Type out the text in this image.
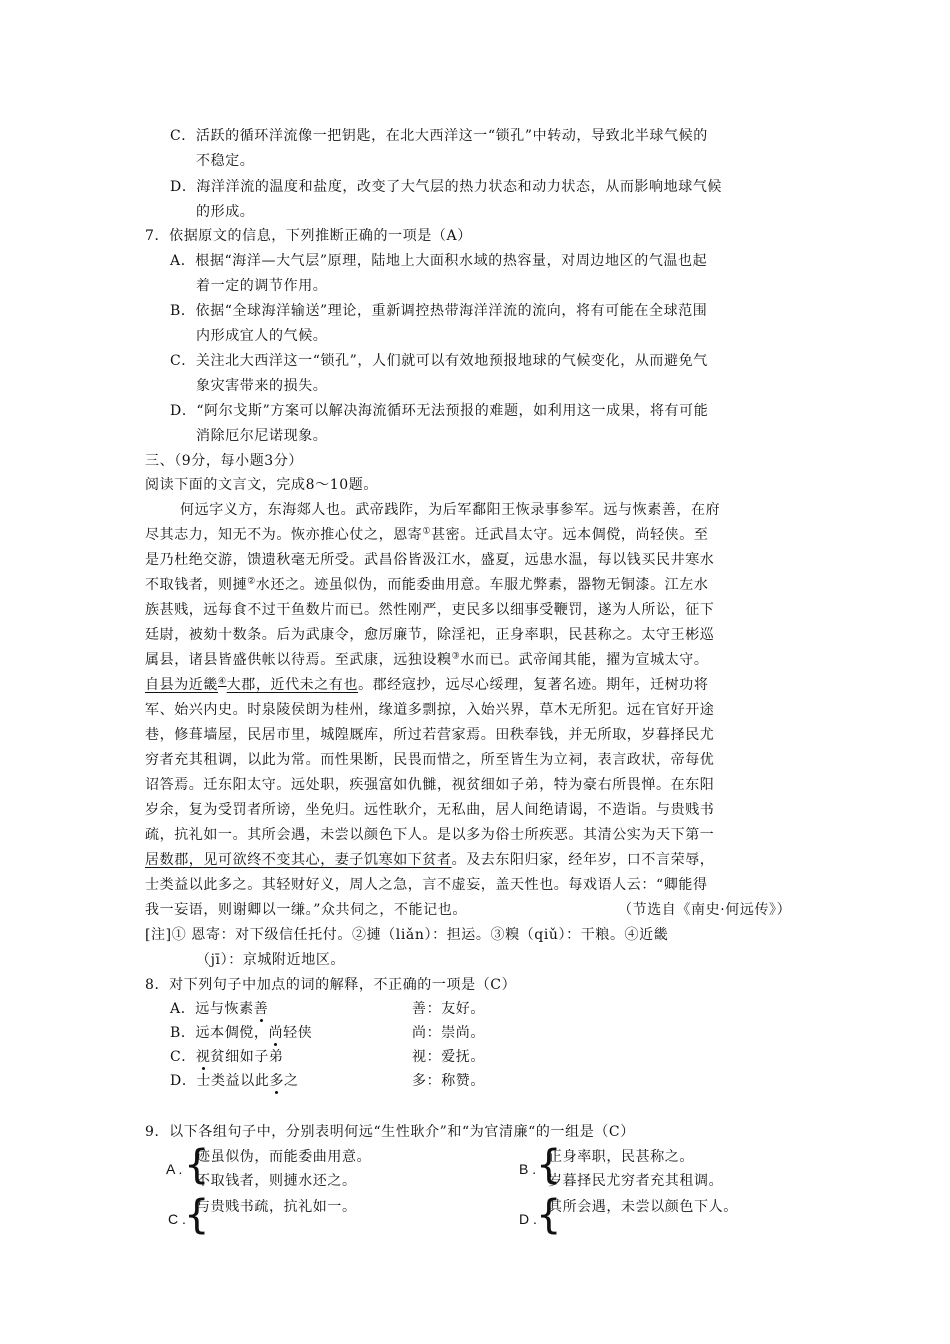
C．活跃的循环洋流像一把钥匙，在北大西洋这一“锁孔”中转动，导致北半球气候的
不稳定。
D．海洋洋流的温度和盐度，改变了大气层的热力状态和动力状态，从而影响地球气候
的形成。
7．依据原文的信息，下列推断正确的一项是（A）
A．根据“海洋—大气层”原理，陆地上大面积水域的热容量，对周边地区的气温也起
着一定的调节作用。
B．依据“全球海洋输送”理论，重新调控热带海洋洋流的流向，将有可能在全球范围
内形成宜人的气候。
C．关注北大西洋这一“锁孔”，人们就可以有效地预报地球的气候变化，从而避免气
象灾害带来的损失。
D．“阿尔戈斯”方案可以解决海流循环无法预报的难题，如利用这一成果，将有可能
消除厄尔尼诺现象。
三、（9分，每小题3分）
阅读下面的文言文，完成8～10题。
何远字义方，东海郯人也。武帝践阼，为后军鄱阳王恢录事参军。远与恢素善，在府
尽其志力，知无不为。恢亦推心仗之，恩寄①甚密。迁武昌太守。远本倜傥，尚轻侠。至
是乃杜绝交游，馈遗秋毫无所受。武昌俗皆汲江水，盛夏，远患水温，每以钱买民井寒水
不取钱者，则摙②水还之。迹虽似伪，而能委曲用意。车服尤弊素，器物无铜漆。江左水
族甚贱，远每食不过干鱼数片而已。然性刚严，吏民多以细事受鞭罚，遂为人所讼，征下
廷尉，被劾十数条。后为武康令，愈厉廉节，除淫祀，正身率职，民甚称之。太守王彬巡
属县，诸县皆盛供帐以待焉。至武康，远独设糗③水而已。武帝闻其能，擢为宣城太守。
自县为近畿④大郡，近代未之有也。郡经寇抄，远尽心绥理，复著名迹。期年，迁树功将
军、始兴内史。时泉陵侯朗为桂州，缘道多剽掠，入始兴界，草木无所犯。远在官好开途
巷，修葺墙屋，民居市里，城隍厩库，所过若营家焉。田秩奉钱，并无所取，岁暮择民尤
穷者充其租调，以此为常。而性果断，民畏而惜之，所至皆生为立祠，表言政状，帝每优
诏答焉。迁东阳太守。远处职，疾强富如仇雠，视贫细如子弟，特为豪右所畏惮。在东阳
岁余，复为受罚者所谤，坐免归。远性耿介，无私曲，居人间绝请谒，不造诣。与贵贱书
疏，抗礼如一。其所会遇，未尝以颜色下人。是以多为俗士所疾恶。其清公实为天下第一
居数郡，见可欲终不变其心，妻子饥寒如下贫者。及去东阳归家，经年岁，口不言荣辱，
士类益以此多之。其轻财好义，周人之急，言不虚妄，盖天性也。每戏语人云：“卿能得
我一妄语，则谢卿以一缣。”众共伺之，不能记也。	（节选自《南史·何远传》）
[注]① 恩寄：对下级信任托付。②摙（liǎn）：担运。③糗（qiǔ）：干粮。④近畿
（jī）：京城附近地区。
8．对下列句子中加点的词的解释，不正确的一项是（C）
A．远与恢素善	善：友好。
B．远本倜傥，尚轻侠	尚：崇尚。
C．视贫细如子弟	视：爱抚。
D．士类益以此多之	多：称赞。
9．以下各组句子中，分别表明何远“生性耿介”和“为官清廉“的一组是（C）
A . {
迹虽似伪，而能委曲用意。
不取钱者，则摙水还之。
B . {
正身率职，民甚称之。
岁暮择民尤穷者充其租调。
C .
{
与贵贱书疏，抗礼如一。
D . {
其所会遇，未尝以颜色下人。
